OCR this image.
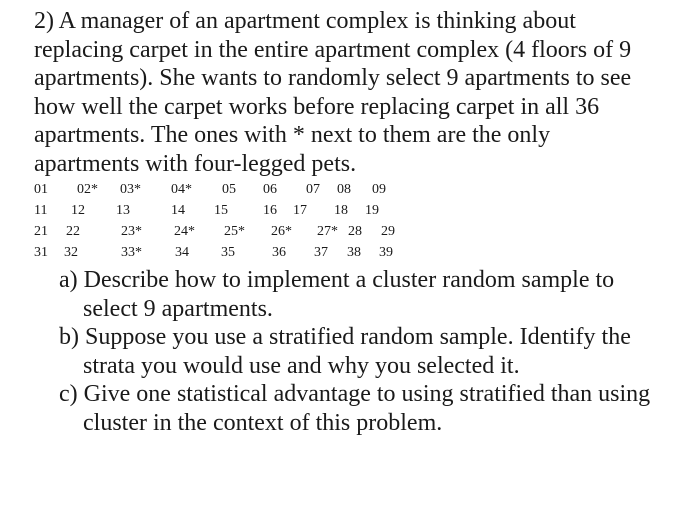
2) A manager of an apartment complex is thinking about
replacing carpet in the entire apartment complex (4 floors of 9
apartments). She wants to randomly select 9 apartments to see
how well the carpet works before replacing carpet in all 36
apartments. The ones with * next to them are the only
apartments with four-legged pets.
01 02* 03* 04* 05 06 07 08 09
11 12 13	14 15	16 17 18 19
21 22	23* 24* 25* 26* 27* 28 29
31 32	33* 34 35	36 37 38 39
a) Describe how to implement a cluster random sample to
select 9 apartments.
b) Suppose you use a stratified random sample. Identify the
strata you would use and why you selected it.
c) Give one statistical advantage to using stratified than using
cluster in the context of this problem.
